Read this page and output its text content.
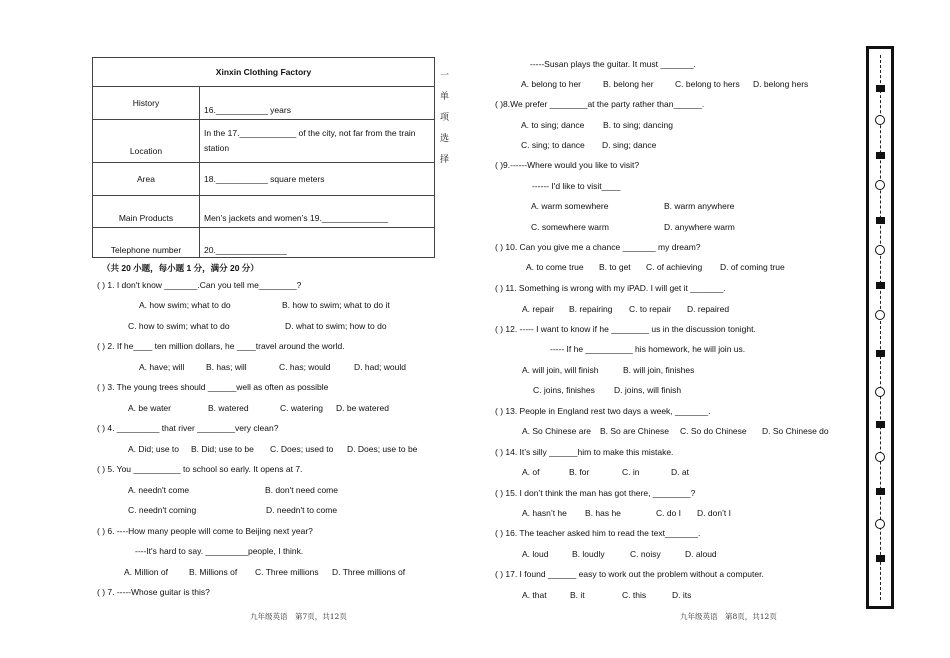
Xinxin Clothing Factory	
History	16.___________ years
Location	In the 17.____________ of the city, not far from the train station
Area	18.___________ square meters
Main Products	Men’s jackets and women’s 19.______________
Telephone number	20._______________
一单项选择
（共 20 小题，每小题 1 分，满分 20 分）
( ) 1. I don't know _______.Can you tell me________?
A. how swim; what to do	B. how to swim; what to do it
C. how to swim; what to do	D. what to swim; how to do
( ) 2. If he____ ten million dollars, he ____travel around the world.
A. have; will	B. has; will	C. has; would	D. had; would
( ) 3. The young trees should ______well as often as possible
A. be water	B. watered	C. watering D. be watered
( ) 4. _________ that river ________very clean?
A. Did; use to B. Did; use to be C. Does; used to D. Does; use to be
( ) 5. You __________ to school so early. It opens at 7.
A. needn't come	B. don't need come
C. needn't coming	D. needn't to come
( ) 6. ----How many people will come to Beijing next year?
----It's hard to say. _________people, I think.
A. Million of B. Millions of C. Three millions D. Three millions of
( ) 7. -----Whose guitar is this?
九年级英语　第7页，共12页
-----Susan plays the guitar. It must _______.
A. belong to her	B. belong her	C. belong to hers D. belong hers
( )8.We prefer ________at the party rather than______.
A. to sing; dance B. to sing; dancing
C. sing; to dance D. sing; dance
( )9.------Where would you like to visit?
------ I'd like to visit____
A. warm somewhere	B. warm anywhere
C. somewhere warm	D. anywhere warm
( ) 10. Can you give me a chance _______ my dream?
A. to come true B. to get C. of achieving D. of coming true
( ) 11. Something is wrong with my iPAD. I will get it _______.
A. repair B. repairing C. to repair D. repaired
( ) 12. ----- I want to know if he ________ us in the discussion tonight.
----- If he __________ his homework, he will join us.
A. will join, will finish	B. will join, finishes
C. joins, finishes D. joins, will finish
( ) 13. People in England rest two days a week, _______.
A. So Chinese are B. So are Chinese C. So do Chinese D. So Chinese do
( ) 14. It’s silly ______him to make this mistake.
A. of	B. for	C. in	D. at
( ) 15. I don’t think the man has got there, ________?
A. hasn’t he B. has he	C. do I D. don’t I
( ) 16. The teacher asked him to read the text_______.
A. loud	B. loudly	C. noisy	D. aloud
( ) 17. I found ______ easy to work out the problem without a computer.
A. that	B. it	C. this	D. its
九年级英语　第8页，共12页
